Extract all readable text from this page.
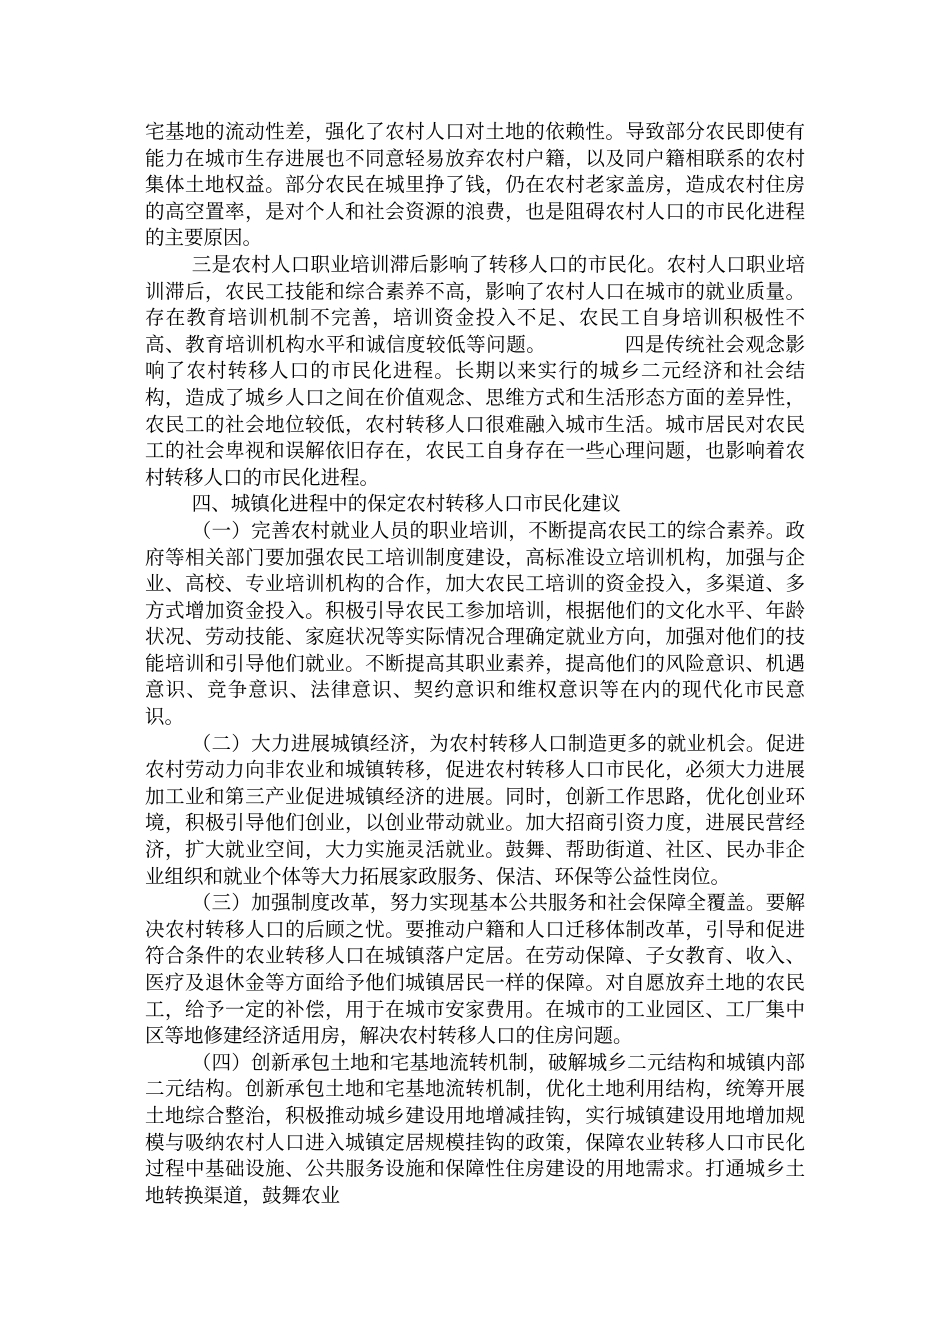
宅基地的流动性差，强化了农村人口对土地的依赖性。导致部分农民即使有能力在城市生存进展也不同意轻易放弃农村户籍，以及同户籍相联系的农村集体土地权益。部分农民在城里挣了钱，仍在农村老家盖房，造成农村住房的高空置率，是对个人和社会资源的浪费，也是阻碍农村人口的市民化进程的主要原因。

三是农村人口职业培训滞后影响了转移人口的市民化。农村人口职业培训滞后，农民工技能和综合素养不高，影响了农村人口在城市的就业质量。存在教育培训机制不完善，培训资金投入不足、农民工自身培训积极性不高、教育培训机构水平和诚信度较低等问题。	四是传统社会观念影响了农村转移人口的市民化进程。长期以来实行的城乡二元经济和社会结构，造成了城乡人口之间在价值观念、思维方式和生活形态方面的差异性，农民工的社会地位较低，农村转移人口很难融入城市生活。城市居民对农民工的社会卑视和误解依旧存在，农民工自身存在一些心理问题，也影响着农村转移人口的市民化进程。

四、城镇化进程中的保定农村转移人口市民化建议

（一）完善农村就业人员的职业培训，不断提高农民工的综合素养。政府等相关部门要加强农民工培训制度建设，高标准设立培训机构，加强与企业、高校、专业培训机构的合作，加大农民工培训的资金投入，多渠道、多方式增加资金投入。积极引导农民工参加培训，根据他们的文化水平、年龄状况、劳动技能、家庭状况等实际情况合理确定就业方向，加强对他们的技能培训和引导他们就业。不断提高其职业素养，提高他们的风险意识、机遇意识、竞争意识、法律意识、契约意识和维权意识等在内的现代化市民意识。

（二）大力进展城镇经济，为农村转移人口制造更多的就业机会。促进农村劳动力向非农业和城镇转移，促进农村转移人口市民化，必须大力进展加工业和第三产业促进城镇经济的进展。同时，创新工作思路，优化创业环境，积极引导他们创业，以创业带动就业。加大招商引资力度，进展民营经济，扩大就业空间，大力实施灵活就业。鼓舞、帮助街道、社区、民办非企业组织和就业个体等大力拓展家政服务、保洁、环保等公益性岗位。

（三）加强制度改革，努力实现基本公共服务和社会保障全覆盖。要解决农村转移人口的后顾之忧。要推动户籍和人口迁移体制改革，引导和促进符合条件的农业转移人口在城镇落户定居。在劳动保障、子女教育、收入、医疗及退休金等方面给予他们城镇居民一样的保障。对自愿放弃土地的农民工，给予一定的补偿，用于在城市安家费用。在城市的工业园区、工厂集中区等地修建经济适用房，解决农村转移人口的住房问题。

（四）创新承包土地和宅基地流转机制，破解城乡二元结构和城镇内部二元结构。创新承包土地和宅基地流转机制，优化土地利用结构，统筹开展土地综合整治，积极推动城乡建设用地增减挂钩，实行城镇建设用地增加规模与吸纳农村人口进入城镇定居规模挂钩的政策，保障农业转移人口市民化过程中基础设施、公共服务设施和保障性住房建设的用地需求。打通城乡土地转换渠道，鼓舞农业
